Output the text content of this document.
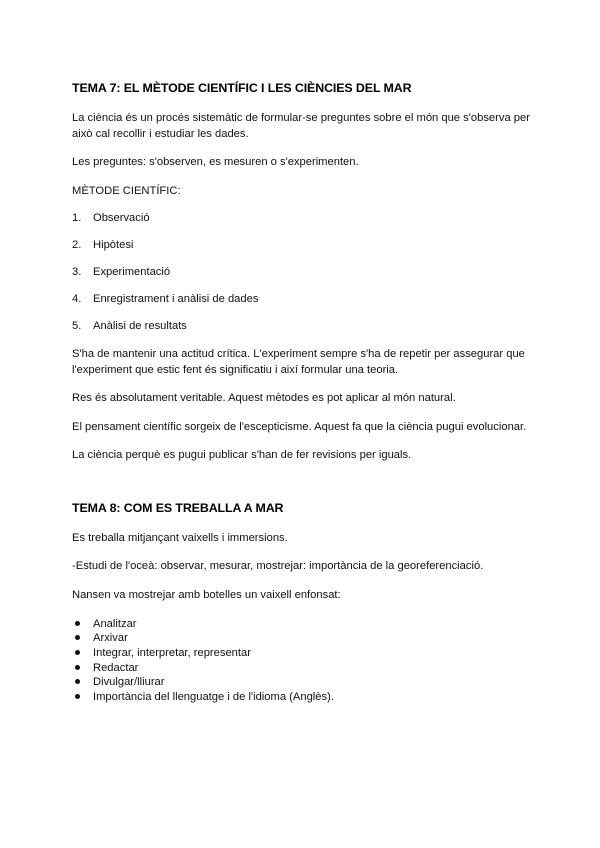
TEMA 7: EL MÈTODE CIENTÍFIC I LES CIÈNCIES DEL MAR

La ciència és un procés sistemàtic de formular-se preguntes sobre el món que s'observa per això cal recollir i estudiar les dades.

Les preguntes: s'observen, es mesuren o s'experimenten.

MÈTODE CIENTÍFIC:

1. Observació
2. Hipòtesi
3. Experimentació
4. Enregistrament i anàlisi de dades
5. Anàlisi de resultats

S'ha de mantenir una actitud crítica. L'experiment sempre s'ha de repetir per assegurar que l'experiment que estic fent és significatiu i així formular una teoria.

Res és absolutament veritable. Aquest mètodes es pot aplicar al món natural.

El pensament científic sorgeix de l'escepticisme. Aquest fa que la ciència pugui evolucionar.

La ciència perquè es pugui publicar s'han de fer revisions per iguals.

TEMA 8: COM ES TREBALLA A MAR

Es treballa mitjançant vaixells i immersions.

-Estudi de l'oceà: observar, mesurar, mostrejar: importància de la georeferenciació.

Nansen va mostrejar amb botelles un vaixell enfonsat:

Analitzar
Arxivar
Integrar, interpretar, representar
Redactar
Divulgar/lliurar
Importància del llenguatge i de l'idioma (Anglès).
